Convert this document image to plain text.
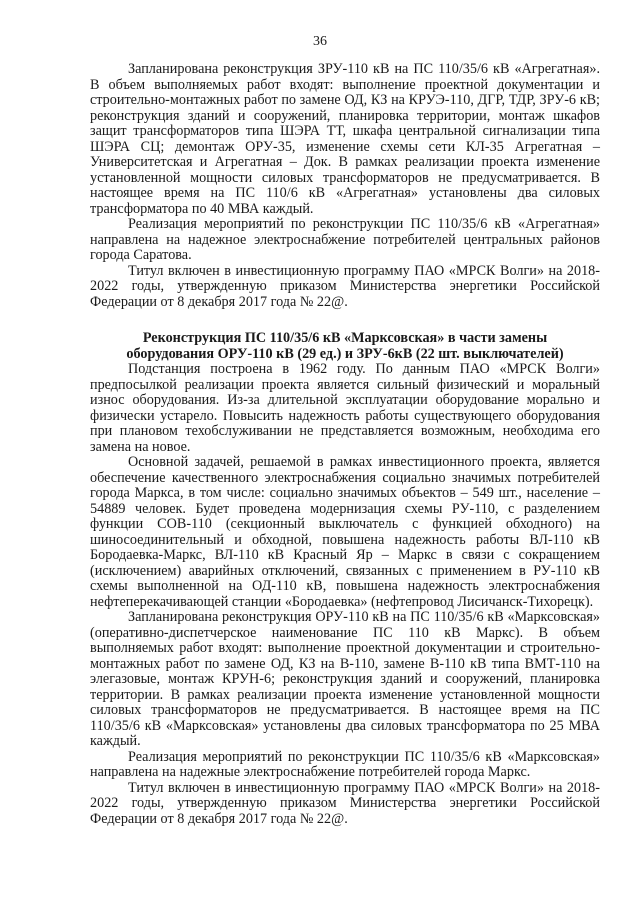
36

Запланирована реконструкция ЗРУ-110 кВ на ПС 110/35/6 кВ «Агрегатная». В объем выполняемых работ входят: выполнение проектной документации и строительно-монтажных работ по замене ОД, КЗ на КРУЭ-110, ДГР, ТДР, ЗРУ-6 кВ; реконструкция зданий и сооружений, планировка территории, монтаж шкафов защит трансформаторов типа ШЭРА ТТ, шкафа центральной сигнализации типа ШЭРА СЦ; демонтаж ОРУ-35, изменение схемы сети КЛ-35 Агрегатная – Университетская и Агрегатная – Док. В рамках реализации проекта изменение установленной мощности силовых трансформаторов не предусматривается. В настоящее время на ПС 110/6 кВ «Агрегатная» установлены два силовых трансформатора по 40 МВА каждый.

Реализация мероприятий по реконструкции ПС 110/35/6 кВ «Агрегатная» направлена на надежное электроснабжение потребителей центральных районов города Саратова.

Титул включен в инвестиционную программу ПАО «МРСК Волги» на 2018-2022 годы, утвержденную приказом Министерства энергетики Российской Федерации от 8 декабря 2017 года № 22@.

Реконструкция ПС 110/35/6 кВ «Марксовская» в части замены
оборудования ОРУ-110 кВ (29 ед.) и ЗРУ-6кВ (22 шт. выключателей)

Подстанция построена в 1962 году. По данным ПАО «МРСК Волги» предпосылкой реализации проекта является сильный физический и моральный износ оборудования. Из-за длительной эксплуатации оборудование морально и физически устарело. Повысить надежность работы существующего оборудования при плановом техобслуживании не представляется возможным, необходима его замена на новое.

Основной задачей, решаемой в рамках инвестиционного проекта, является обеспечение качественного электроснабжения социально значимых потребителей города Маркса, в том числе: социально значимых объектов – 549 шт., население – 54889 человек. Будет проведена модернизация схемы РУ-110, с разделением функции СОВ-110 (секционный выключатель с функцией обходного) на шиносоединительный и обходной, повышена надежность работы ВЛ-110 кВ Бородаевка-Маркс, ВЛ-110 кВ Красный Яр – Маркс в связи с сокращением (исключением) аварийных отключений, связанных с применением в РУ-110 кВ схемы выполненной на ОД-110 кВ, повышена надежность электроснабжения нефтеперекачивающей станции «Бородаевка» (нефтепровод Лисичанск-Тихорецк).

Запланирована реконструкция ОРУ-110 кВ на ПС 110/35/6 кВ «Марксовская» (оперативно-диспетчерское наименование ПС 110 кВ Маркс). В объем выполняемых работ входят: выполнение проектной документации и строительно-монтажных работ по замене ОД, КЗ на В-110, замене В-110 кВ типа ВМТ-110 на элегазовые, монтаж КРУН-6; реконструкция зданий и сооружений, планировка территории. В рамках реализации проекта изменение установленной мощности силовых трансформаторов не предусматривается. В настоящее время на ПС 110/35/6 кВ «Марксовская» установлены два силовых трансформатора по 25 МВА каждый.

Реализация мероприятий по реконструкции ПС 110/35/6 кВ «Марксовская» направлена на надежные электроснабжение потребителей города Маркс.

Титул включен в инвестиционную программу ПАО «МРСК Волги» на 2018-2022 годы, утвержденную приказом Министерства энергетики Российской Федерации от 8 декабря 2017 года № 22@.
